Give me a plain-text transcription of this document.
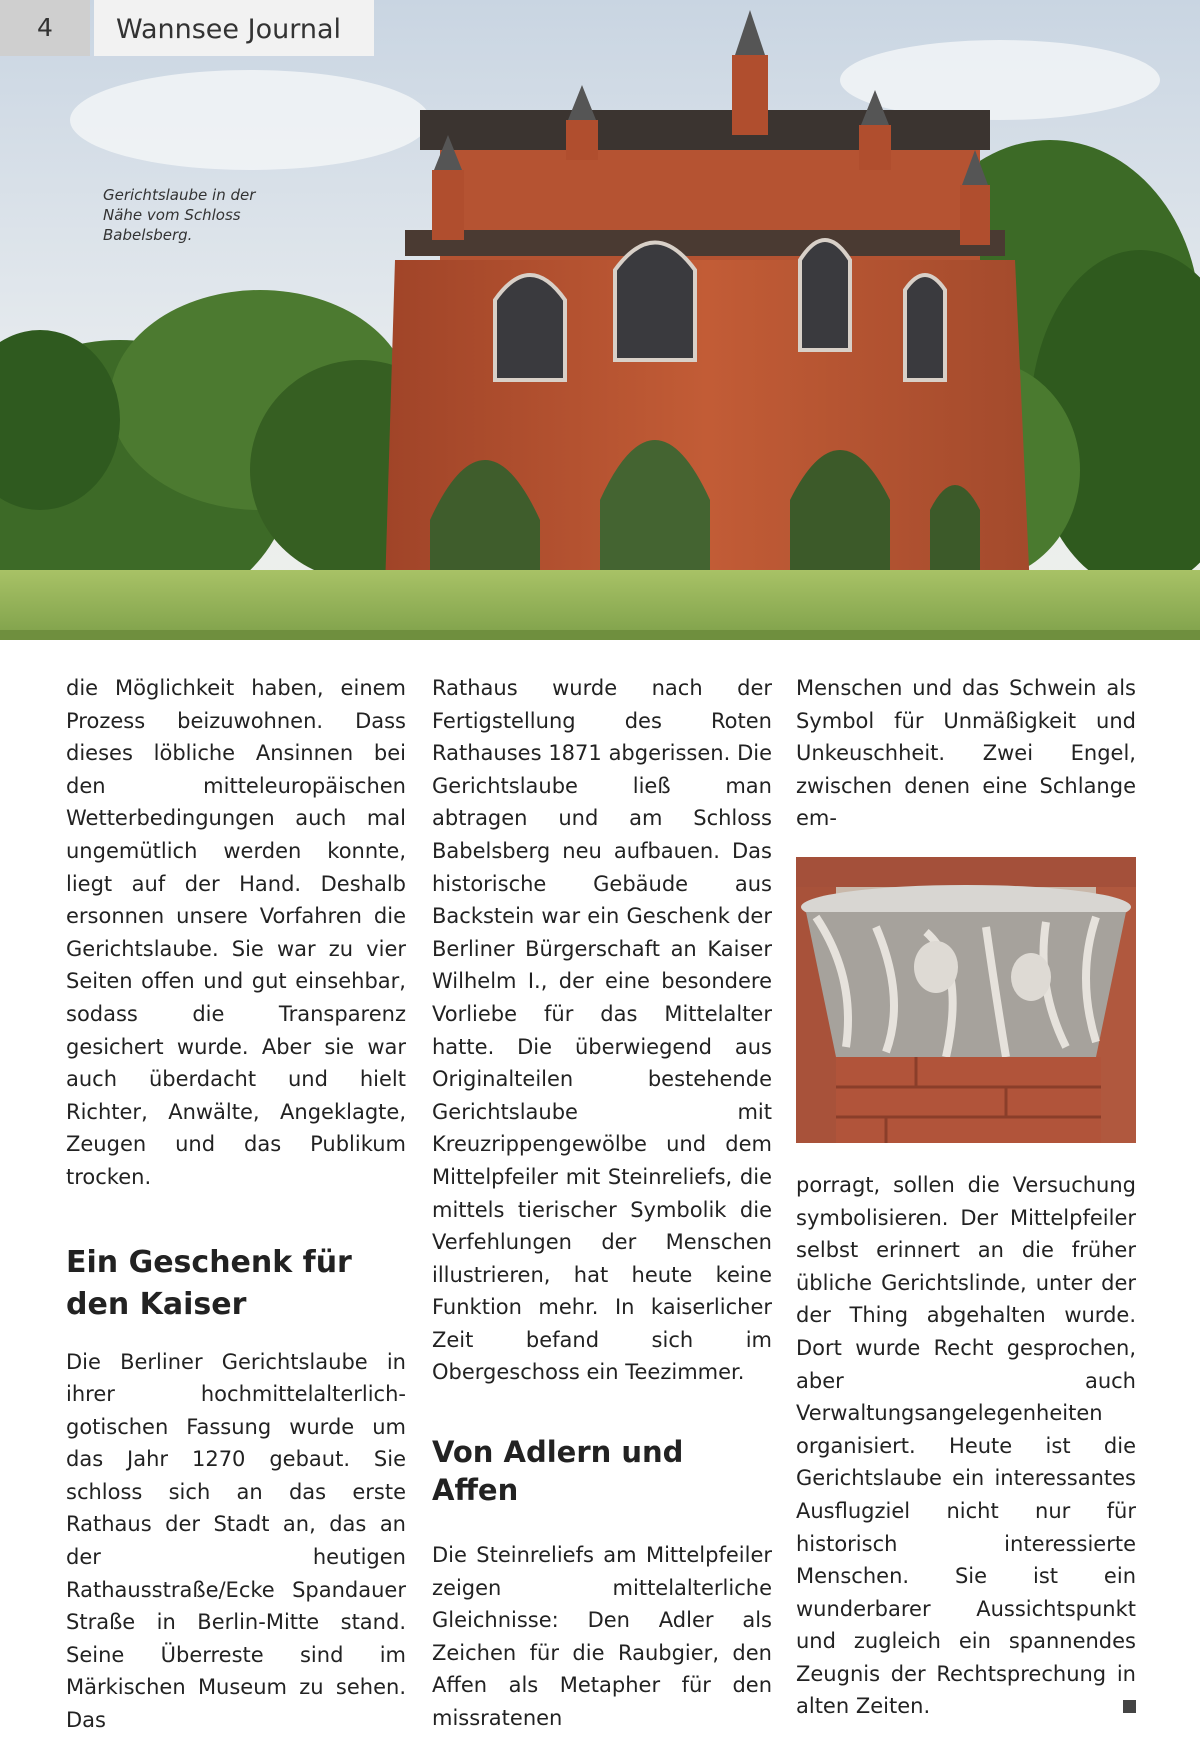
4	Wannsee Journal
Gerichtslaube in der Nähe vom Schloss Babelsberg.

die Möglichkeit haben, einem Prozess beizuwohnen. Dass dieses löbliche Ansinnen bei den mitteleuropäischen Wetterbedingungen auch mal ungemütlich werden konnte, liegt auf der Hand. Deshalb ersonnen unsere Vorfahren die Gerichtslaube. Sie war zu vier Seiten offen und gut einsehbar, sodass die Transparenz gesichert wurde. Aber sie war auch überdacht und hielt Richter, Anwälte, Angeklagte, Zeugen und das Publikum trocken.

Ein Geschenk für den Kaiser

Die Berliner Gerichtslaube in ihrer hochmittelalterlich-gotischen Fassung wurde um das Jahr 1270 gebaut. Sie schloss sich an das erste Rathaus der Stadt an, das an der heutigen Rathausstraße/Ecke Spandauer Straße in Berlin-Mitte stand. Seine Überreste sind im Märkischen Museum zu sehen. Das

Rathaus wurde nach der Fertigstellung des Roten Rathauses 1871 abgerissen. Die Gerichtslaube ließ man abtragen und am Schloss Babelsberg neu aufbauen. Das historische Gebäude aus Backstein war ein Geschenk der Berliner Bürgerschaft an Kaiser Wilhelm I., der eine besondere Vorliebe für das Mittelalter hatte. Die überwiegend aus Originalteilen bestehende Gerichtslaube mit Kreuzrippengewölbe und dem Mittelpfeiler mit Steinreliefs, die mittels tierischer Symbolik die Verfehlungen der Menschen illustrieren, hat heute keine Funktion mehr. In kaiserlicher Zeit befand sich im Obergeschoss ein Teezimmer.

Von Adlern und Affen

Die Steinreliefs am Mittelpfeiler zeigen mittelalterliche Gleichnisse: Den Adler als Zeichen für die Raubgier, den Affen als Metapher für den missratenen

Menschen und das Schwein als Symbol für Unmäßigkeit und Unkeuschheit. Zwei Engel, zwischen denen eine Schlange em-

porragt, sollen die Versuchung symbolisieren. Der Mittelpfeiler selbst erinnert an die früher übliche Gerichtslinde, unter der der Thing abgehalten wurde. Dort wurde Recht gesprochen, aber auch Verwaltungsangelegenheiten organisiert. Heute ist die Gerichtslaube ein interessantes Ausflugziel nicht nur für historisch interessierte Menschen. Sie ist ein wunderbarer Aussichtspunkt und zugleich ein spannendes Zeugnis der Rechtsprechung in alten Zeiten.
